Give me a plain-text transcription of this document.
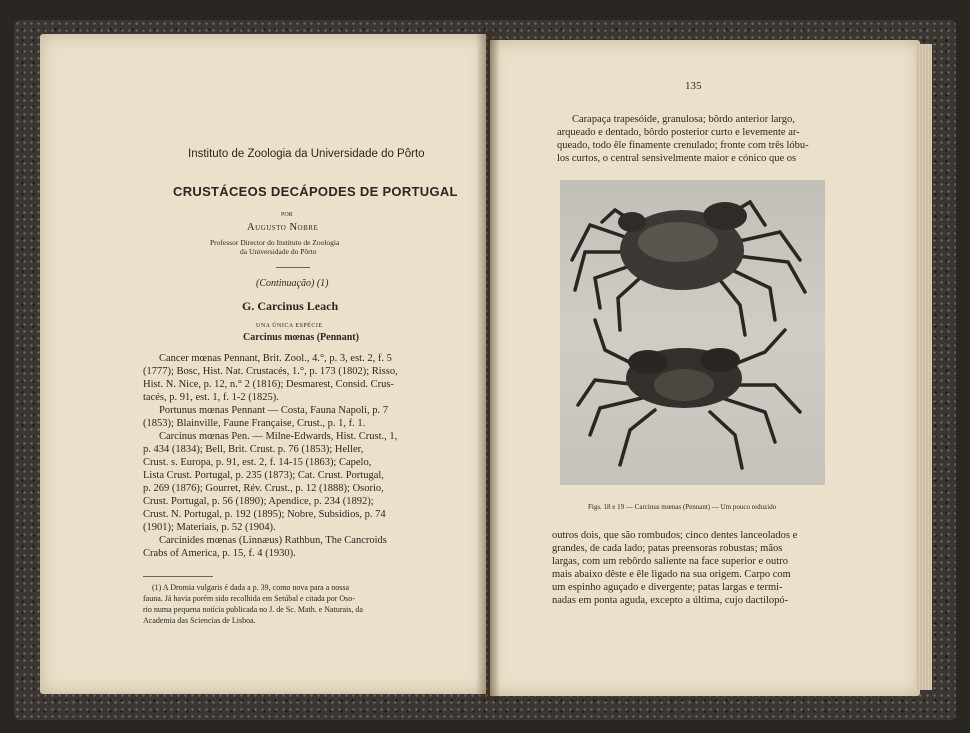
Instituto de Zoologia da Universidade do Pôrto
CRUSTÁCEOS DECÁPODES DE PORTUGAL
POR
Augusto Nobre
Professor Director do Instituto de Zoologia
da Universidade do Pôrto
(Continuação) (1)
G. Carcinus Leach
UNA ÚNICA ESPÉCIE
Carcinus mœnas (Pennant)
Cancer mœnas Pennant, Brit. Zool., 4.°, p. 3, est. 2, f. 5
(1777); Bosc, Hist. Nat. Crustacés, 1.°, p. 173 (1802); Risso,
Hist. N. Nice, p. 12, n.° 2 (1816); Desmarest, Consid. Crus-
tacés, p. 91, est. 1, f. 1-2 (1825).
Portunus mœnas Pennant — Costa, Fauna Napoli, p. 7
(1853); Blainville, Faune Française, Crust., p. 1, f. 1.
Carcinus mœnas Pen. — Milne-Edwards, Hist. Crust., 1,
p. 434 (1834); Bell, Brit. Crust. p. 76 (1853); Heller,
Crust. s. Europa, p. 91, est. 2, f. 14-15 (1863); Capelo,
Lista Crust. Portugal, p. 235 (1873); Cat. Crust. Portugal,
p. 269 (1876); Gourret, Rév. Crust., p. 12 (1888); Osorio,
Crust. Portugal, p. 56 (1890); Apendice, p. 234 (1892);
Crust. N. Portugal, p. 192 (1895); Nobre, Subsidios, p. 74
(1901); Materiais, p. 52 (1904).
Carcinides mœnas (Linnæus) Rathbun, The Cancroids
Crabs of America, p. 15, f. 4 (1930).
(1) A Dromia vulgaris é dada a p. 39, como nova para a nossa
fauna. Já havia porém sido recolhida em Setúbal e citada por Oso-
rio numa pequena notícia publicada no J. de Sc. Math. e Naturais, da
Academia das Sciencias de Lisboa.
135
Carapaça trapesóide, granulosa; bôrdo anterior largo,
arqueado e dentado, bôrdo posterior curto e levemente ar-
queado, todo êle finamente crenulado; fronte com três lóbu-
los curtos, o central sensivelmente maior e cónico que os
Figs. 18 e 19 — Carcinus mœnas (Pennant) — Um pouco reduzido
outros dois, que são rombudos; cinco dentes lanceolados e
grandes, de cada lado; patas preensoras robustas; mãos
largas, com um rebôrdo saliente na face superior e outro
mais abaixo dêste e êle ligado na sua origem. Carpo com
um espinho aguçado e divergente; patas largas e termi-
nadas em ponta aguda, excepto a última, cujo dactilopó-
